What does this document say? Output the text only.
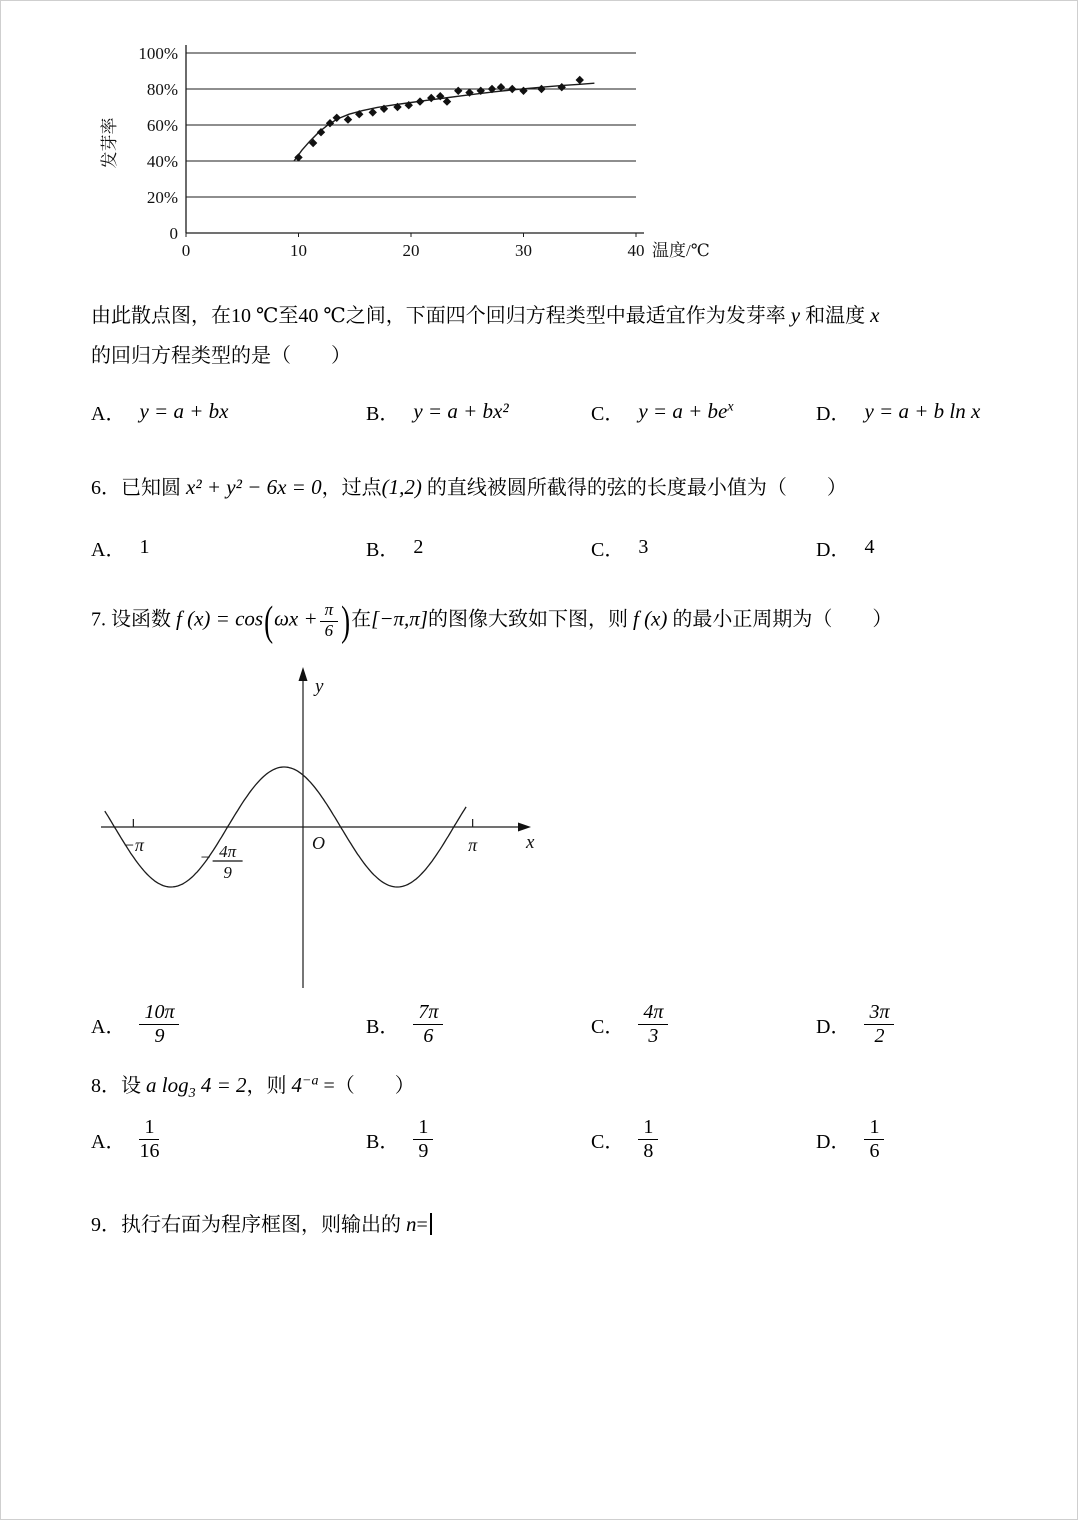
100%
80%
60%
40%
20%
0
0	10	20	30	40 温度/℃
发芽率

由此散点图，在10 ℃至40 ℃之间，下面四个回归方程类型中最适宜作为发芽率 y 和温度 x
的回归方程类型的是（　　）

A． y = a + bx	B． y = a + bx²	C． $y = a + be^x$	D． y = a + b ln x

6．已知圆 x² + y² − 6x = 0，过点(1,2) 的直线被圆所截得的弦的长度最小值为（　　）

A． 1	B． 2	C． 3	D． 4

7. 设函数 f $(x) = \cos(\omega x + \frac{\pi}{6}$ )在[−π,π]的图像大致如下图，则 f (x) 的最小正周期为（　　）

y
x
O
−π	π
− 4π
9
A． $\frac{10\pi}{9}$	B． $\frac{7\pi}{6}$	C． $\frac{4\pi}{3}$	D． $\frac{3\pi}{2}$

8．设 a $\log_3 4 = 2$，则 $4^{-a}$ =（　　）

A． $\frac{1}{16}$	B． $\frac{1}{9}$	C． $\frac{1}{8}$	D． $\frac{1}{6}$

9．执行右面为程序框图，则输出的 n=
